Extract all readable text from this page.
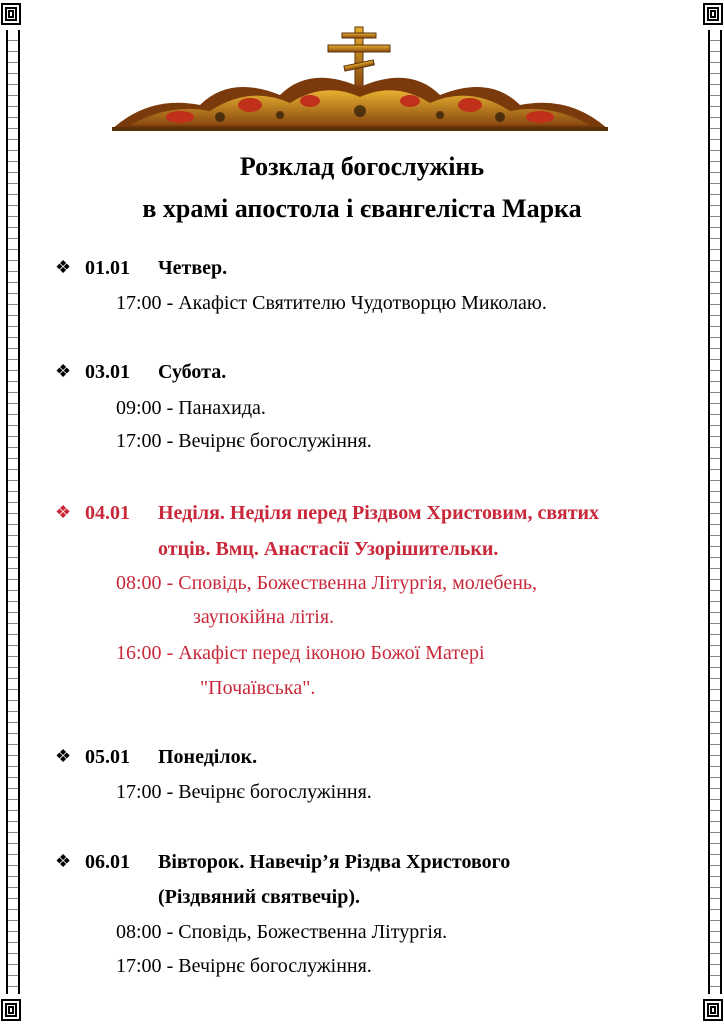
Розклад богослужінь
в храмі апостола і євангеліста Марка
❖ 01.01 Четвер.
17:00 - Акафіст Святителю Чудотворцю Миколаю.
❖ 03.01 Субота.
09:00 - Панахида.
17:00 - Вечірнє богослужіння.
❖ 04.01 Неділя. Неділя перед Різдвом Христовим, святих
отців. Вмц. Анастасії Узорішительки.
08:00 - Сповідь, Божественна Літургія, молебень,
заупокійна літія.
16:00 - Акафіст перед іконою Божої Матері
"Почаївська".
❖ 05.01 Понеділок.
17:00 - Вечірнє богослужіння.
❖ 06.01 Вівторок. Навечір’я Різдва Христового
(Різдвяний святвечір).
08:00 - Сповідь, Божественна Літургія.
17:00 - Вечірнє богослужіння.
